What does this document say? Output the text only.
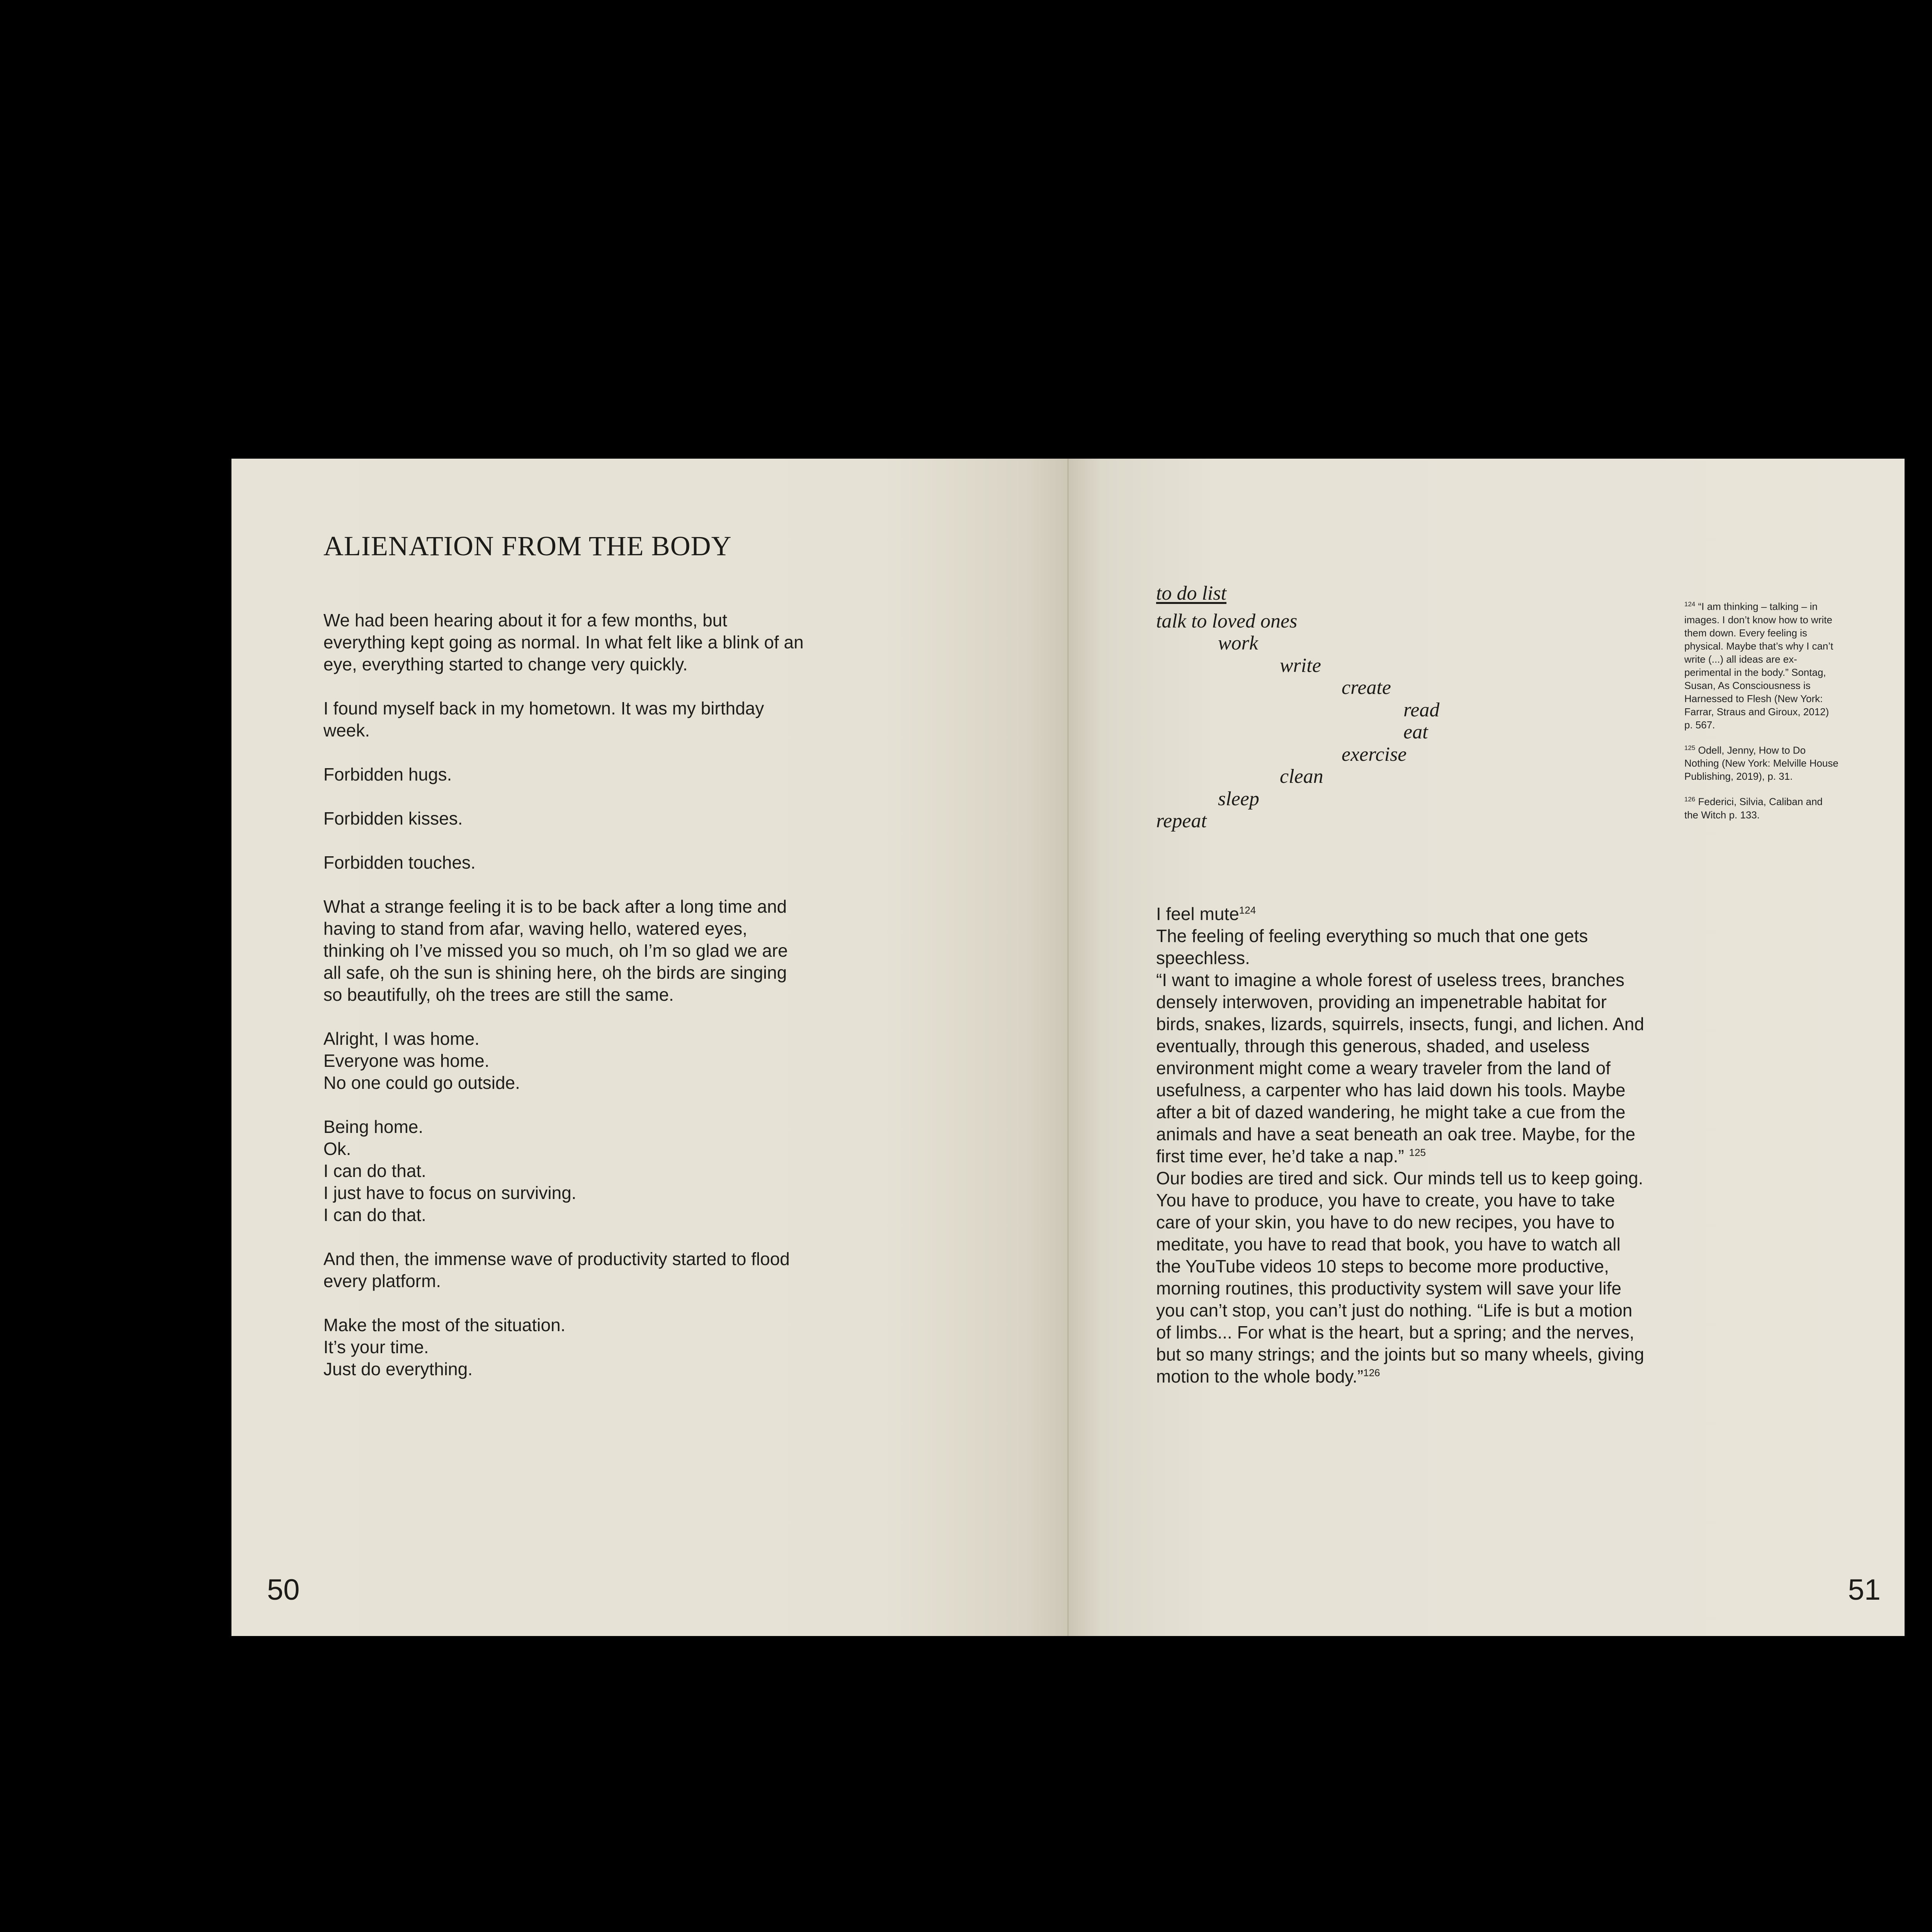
ALIENATION FROM THE BODY

We had been hearing about it for a few months, but everything kept going as normal. In what felt like a blink of an eye, everything started to change very quickly.

I found myself back in my hometown. It was my birthday week.

Forbidden hugs.

Forbidden kisses.

Forbidden touches.

What a strange feeling it is to be back after a long time and having to stand from afar, waving hello, watered eyes, thinking oh I’ve missed you so much, oh I’m so glad we are all safe, oh the sun is shining here, oh the birds are singing so beautifully, oh the trees are still the same.

Alright, I was home.
Everyone was home.
No one could go outside.

Being home.
Ok.
I can do that.
I just have to focus on surviving.
I can do that.

And then, the immense wave of productivity started to flood every platform.

Make the most of the situation.
It’s your time.
Just do everything.

50
to do list
talk to loved ones
work
write
create
read
eat
exercise
clean
sleep
repeat

$^{124}$ “I am thinking – talking – in images. I don’t know how to write them down. Every feeling is physical. Maybe that’s why I can’t write (...) all ideas are experimental in the body.” Sontag, Susan, As Consciousness is Harnessed to Flesh (New York: Farrar, Straus and Giroux, 2012) p. 567.

$^{125}$ Odell, Jenny, How to Do Nothing (New York: Melville House Publishing, 2019), p. 31.

$^{126}$ Federici, Silvia, Caliban and the Witch p. 133.

I feel mute$^{124}$
The feeling of feeling everything so much that one gets speechless.

“I want to imagine a whole forest of useless trees, branches densely interwoven, providing an impenetrable habitat for birds, snakes, lizards, squirrels, insects, fungi, and lichen. And eventually, through this generous, shaded, and useless environment might come a weary traveler from the land of usefulness, a carpenter who has laid down his tools. Maybe after a bit of dazed wandering, he might take a cue from the animals and have a seat beneath an oak tree. Maybe, for the first time ever, he’d take a nap.” $^{125}$

Our bodies are tired and sick. Our minds tell us to keep going. You have to produce, you have to create, you have to take care of your skin, you have to do new recipes, you have to meditate, you have to read that book, you have to watch all the YouTube videos 10 steps to become more productive, morning routines, this productivity system will save your life you can’t stop, you can’t just do nothing. “Life is but a motion of limbs... For what is the heart, but a spring; and the nerves, but so many strings; and the joints but so many wheels, giving motion to the whole body.”$^{126}$

51
